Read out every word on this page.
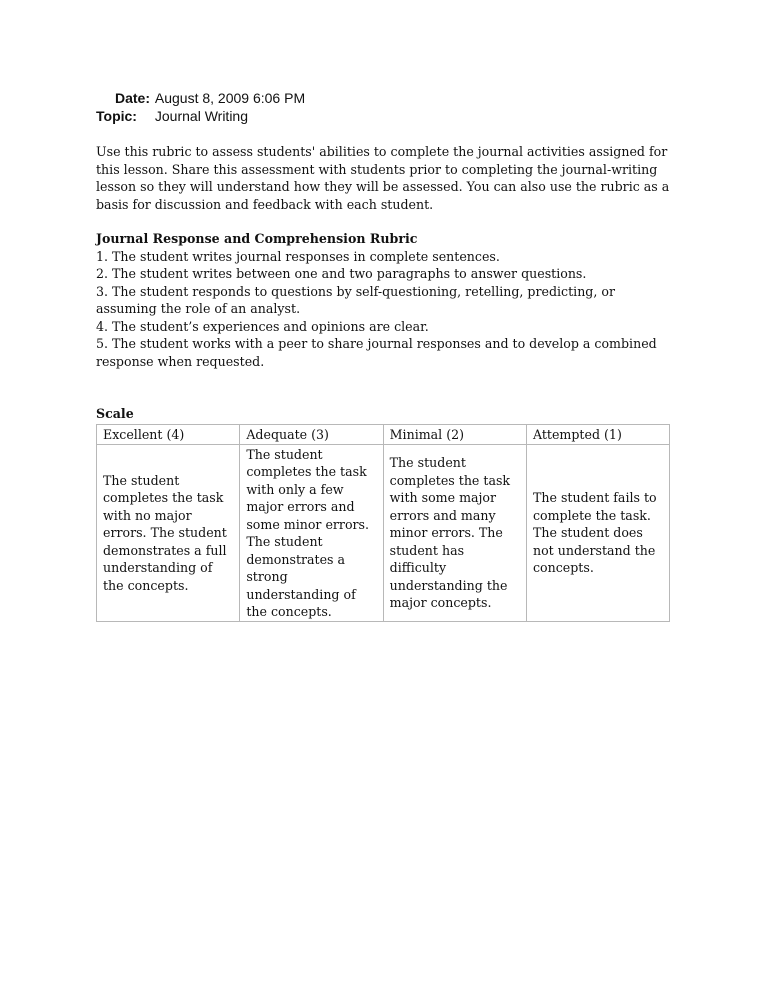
Date: August 8, 2009 6:06 PM
Topic: Journal Writing

Use this rubric to assess students' abilities to complete the journal activities assigned for this lesson. Share this assessment with students prior to completing the journal-writing lesson so they will understand how they will be assessed. You can also use the rubric as a basis for discussion and feedback with each student.

Journal Response and Comprehension Rubric

1. The student writes journal responses in complete sentences.
2. The student writes between one and two paragraphs to answer questions.
3. The student responds to questions by self-questioning, retelling, predicting, or assuming the role of an analyst.
4. The student’s experiences and opinions are clear.
5. The student works with a peer to share journal responses and to develop a combined response when requested.

Scale

Excellent (4)	Adequate (3)	Minimal (2)	Attempted (1)
The student completes the task with no major errors. The student demonstrates a full understanding of the concepts.	The student completes the task with only a few major errors and some minor errors. The student demonstrates a strong understanding of the concepts.	The student completes the task with some major errors and many minor errors. The student has difficulty understanding the major concepts.	The student fails to complete the task. The student does not understand the concepts.
